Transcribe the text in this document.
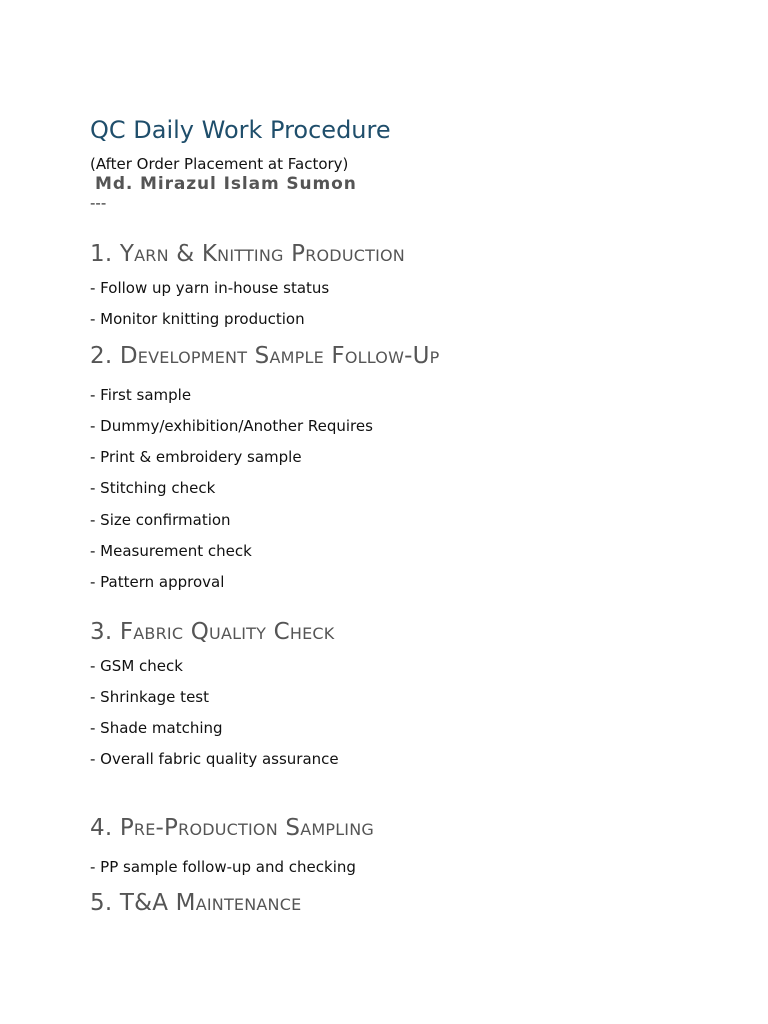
QC Daily Work Procedure
(After Order Placement at Factory)
Md. Mirazul Islam Sumon
---
1. Yarn & Knitting Production
- Follow up yarn in-house status
- Monitor knitting production
2. Development Sample Follow-Up
- First sample
- Dummy/exhibition/Another Requires
- Print & embroidery sample
- Stitching check
- Size confirmation
- Measurement check
- Pattern approval
3. Fabric Quality Check
- GSM check
- Shrinkage test
- Shade matching
- Overall fabric quality assurance
4. Pre-Production Sampling
- PP sample follow-up and checking
5. T&A Maintenance
